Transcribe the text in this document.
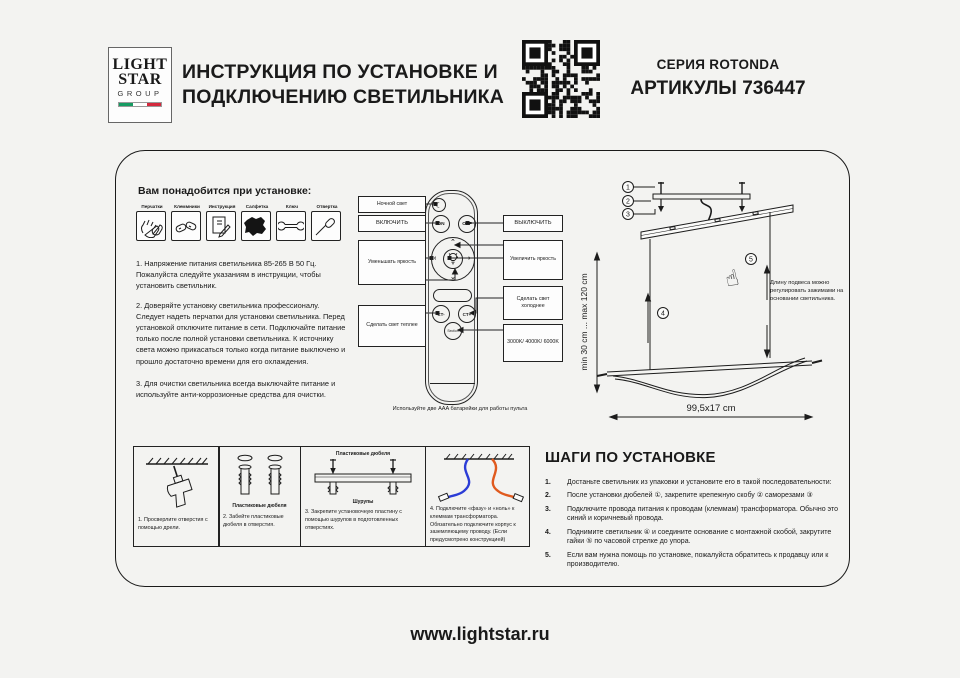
LIGHT
STAR
GROUP
ИНСТРУКЦИЯ ПО УСТАНОВКЕ И
ПОДКЛЮЧЕНИЮ СВЕТИЛЬНИКА
СЕРИЯ ROTONDA
АРТИКУЛЫ 736447
Вам понадобится при установке:
Перчатки	Клеммники	Инструкция	Салфетка	Ключ	Отвертка
1. Напряжение питания светильника 85-265 В 50 Гц. Пожалуйста следуйте указаниям в инструкции, чтобы установить светильник.
2. Доверяйте установку светильника профессионалу. Следует надеть перчатки для установки светильника. Перед установкой отключите питание в сети. Подключайте питание только после полной установки светильника. К источнику света можно прикасаться только когда питание выключено и прошло достаточно времени для его охлаждения.
3. Для очистки светильника всегда выключайте питание и используйте анти-коррозионные средства для очистки.
Ночной свет
ВКЛЮЧИТЬ
Уменьшать яркость
Сделать свет теплее
ВЫКЛЮЧИТЬ
Увеличить яркость
Сделать свет холоднее
3000K/ 4000K/ 6000K
☾
ON	OFF
⌃
⌄
‹	›
CT-	CT+
Section
Используйте две AAA батарейки для работы пульта
1
2
3
4
5
☝
min 30 cm ... max 120 cm
99,5x17 cm
Длину подвеса можно регулировать зажимами на основании светильника.
1. Просверлите отверстия с помощью дрели.
Пластиковые дюбеля
2. Забейте пластиковые дюбеля в отверстия.
Пластиковые дюбеля
Шурупы
3. Закрепите установочную пластину с помощью шурупов в подготовленных отверстиях.
4. Подключите «фазу» и «ноль» к клеммам трансформатора. Обязательно подключите корпус к заземляющему проводу. (Если предусмотрено конструкцией)
ШАГИ ПО УСТАНОВКЕ
1.	Достаньте светильник из упаковки и установите его в такой последовательности:
2.	После установки дюбелей ①, закрепите крепежную скобу ② саморезами ③
3.	Подключите провода питания к проводам (клеммам) трансформатора. Обычно это синий и коричневый провода.
4.	Поднимите светильник ④ и соедините основание с монтажной скобой, закрутите гайки ⑤ по часовой стрелке до упора.
5.	Если вам нужна помощь по установке, пожалуйста обратитесь к продавцу или к производителю.
www.lightstar.ru
